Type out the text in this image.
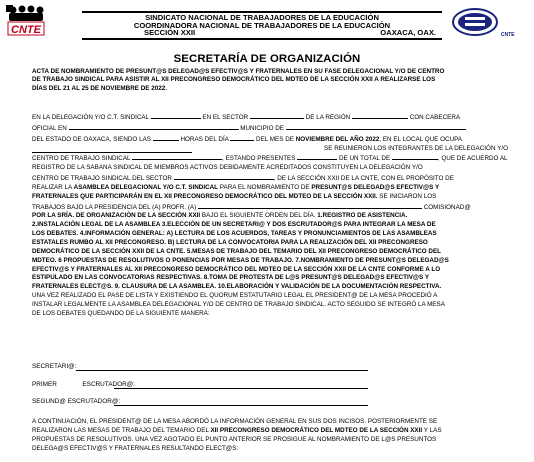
CNTE
SINDICATO NACIONAL DE TRABAJADORES DE LA EDUCACIÓN
COORDINADORA NACIONAL DE TRABAJADORES DE LA EDUCACIÓN
SECCIÓN XXII	OAXACA, OAX.	CNTE
SECRETARÍA DE ORGANIZACIÓN
ACTA DE NOMBRAMIENTO DE PRESUNT@S DELEGAD@S EFECTIV@S Y FRATERNALES EN SU FASE DELEGACIONAL Y/O DE CENTRO
DE TRABAJO SINDICAL PARA ASISTIR AL XII PRECONGRESO DEMOCRÁTICO DEL MDTEO DE LA SECCIÓN XXII A REALIZARSE LOS
DÍAS DEL 21 AL 25 DE NOVIEMBRE DE 2022.
EN LA DELEGACIÓN Y/O C.T. SINDICAL	EN EL SECTOR	DE LA REGIÓN	CON CABECERA
OFICIAL EN	MUNICIPIO DE
DEL ESTADO DE OAXACA, SIENDO LAS	HORAS DEL DÍA	DEL MES DE NOVIEMBRE DEL AÑO 2022, EN EL LOCAL QUE OCUPA
SE REUNIERON LOS INTEGRANTES DE LA DELEGACIÓN Y/O
CENTRO DE TRABAJO SINDICAL	, ESTANDO PRESENTES	DE UN TOTAL DE	, QUE DE ACUERDO AL
REGISTRO DE LA SABANA SINDICAL DE MIEMBROS ACTIVOS DEBIDAMENTE ACREDITADOS CONSTITUYEN LA DELEGACIÓN Y/O
CENTRO DE TRABAJO SINDICAL DEL SECTOR	, DE LA SECCIÓN XXII DE LA CNTE, CON EL PROPÓSITO DE
REALIZAR LA ASAMBLEA DELEGACIONAL Y/O C.T. SINDICAL PARA EL NOMBRAMIENTO DE PRESUNT@S DELEGAD@S EFECTIV@S Y
FRATERNALES QUE PARTICIPARÁN EN EL XII PRECONGRESO DEMOCRÁTICO DEL MDTEO DE LA SECCIÓN XXII. SE INICIARON LOS
TRABAJOS BAJO LA PRESIDENCIA DEL (A) PROFR. (A)	COMISIONAD@
POR LA SRÍA. DE ORGANIZACIÓN DE LA SECCIÓN XXII BAJO EL SIGUIENTE ORDEN DEL DÍA. 1.REGISTRO DE ASISTENCIA.
2.INSTALACIÓN LEGAL DE LA ASAMBLEA 3.ELECCIÓN DE UN SECRETARI@ Y DOS ESCRUTADOR@S PARA INTEGRAR LA MESA DE
LOS DEBATES. 4.INFORMACIÓN GENERAL: A) LECTURA DE LOS ACUERDOS, TAREAS Y PRONUNCIAMIENTOS DE LAS ASAMBLEAS
ESTATALES RUMBO AL XII PRECONGRESO. B) LECTURA DE LA CONVOCATORIA PARA LA REALIZACIÓN DEL XII PRECONGRESO
DEMOCRÁTICO DE LA SECCIÓN XXII DE LA CNTE. 5.MESAS DE TRABAJO DEL TEMARIO DEL XII PRECONGRESO DEMOCRÁTICO DEL
MDTEO. 6 PROPUESTAS DE RESOLUTIVOS O PONENCIAS POR MESAS DE TRABAJO. 7.NOMBRAMIENTO DE PRESUNT@S DELEGAD@S
EFECTIV@S Y FRATERNALES AL XII PRECONGRESO DEMOCRÁTICO DEL MDTEO DE LA SECCIÓN XXII DE LA CNTE CONFORME A LO
ESTIPULADO EN LAS CONVOCATORIAS RESPECTIVAS. 8.TOMA DE PROTESTA DE L@S PRESUNT@S DELEGAD@S EFECTIV@S Y
FRATERNALES ELECT@S. 9. CLAUSURA DE LA ASAMBLEA. 10.ELABORACIÓN Y VALIDACIÓN DE LA DOCUMENTACIÓN RESPECTIVA.
UNA VEZ REALIZADO EL PASE DE LISTA Y EXISTIENDO EL QUORUM ESTATUTARIO LEGAL EL PRESIDENT@ DE LA MESA PROCEDIÓ A
INSTALAR LEGALMENTE LA ASAMBLEA DELEGACIONAL Y/O DE CENTRO DE TRABAJO SINDICAL. ACTO SEGUIDO SE INTEGRÓ LA MESA
DE LOS DEBATES QUEDANDO DE LA SIGUIENTE MANERA:
SECRETARI@:
PRIMER	ESCRUTADOR@:
SEGUND@ ESCRUTADOR@:
A CONTINUACIÓN, EL PRESIDENT@ DE LA MESA ABORDÓ LA INFORMACIÓN GENERAL EN SUS DOS INCISOS. POSTERIORMENTE SE
REALIZARON LAS MESAS DE TRABAJO DEL TEMARIO DEL XII PRECONGRESO DEMOCRÁTICO DEL MDTEO DE LA SECCIÓN XXII Y LAS
PROPUESTAS DE RESOLUTIVOS. UNA VEZ AGOTADO EL PUNTO ANTERIOR SE PROSIGUE AL NOMBRAMIENTO DE L@S PRESUNTOS
DELEGA@S EFECTIV@S Y FRATERNALES RESULTANDO ELECT@S:
